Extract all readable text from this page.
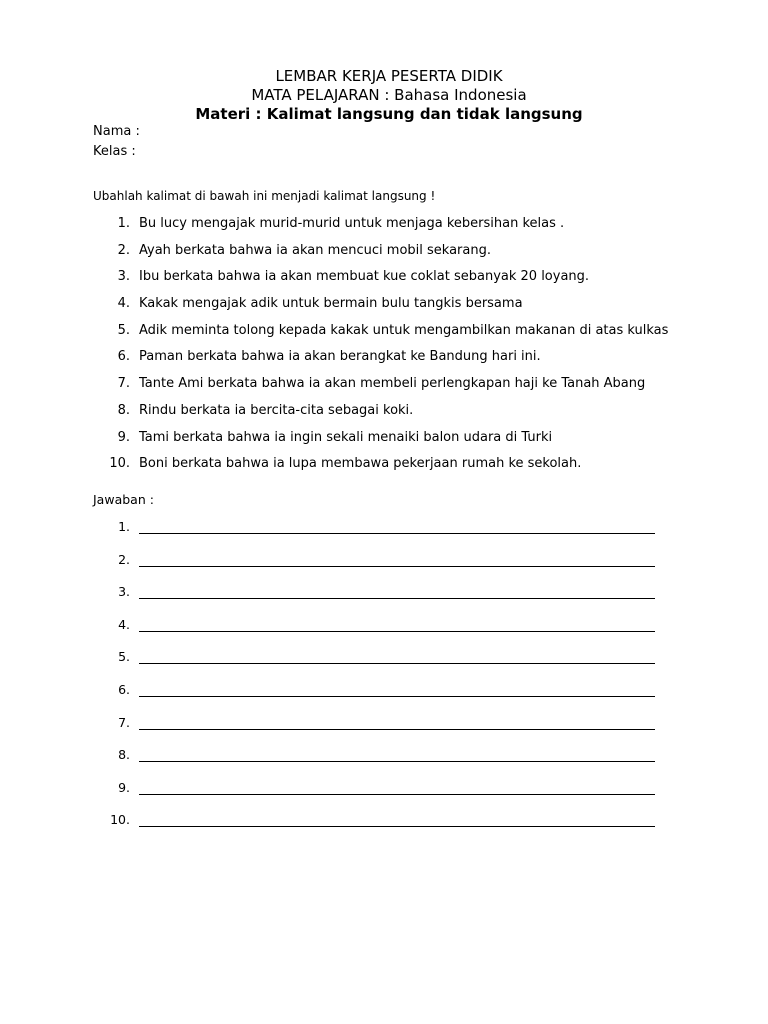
LEMBAR KERJA PESERTA DIDIK
MATA PELAJARAN : Bahasa Indonesia
Materi : Kalimat langsung dan tidak langsung
Nama :
Kelas :
Ubahlah kalimat di bawah ini menjadi kalimat langsung !
1. Bu lucy mengajak murid-murid untuk menjaga kebersihan kelas .
2. Ayah berkata bahwa ia akan mencuci mobil sekarang.
3. Ibu berkata bahwa ia akan membuat kue coklat sebanyak 20 loyang.
4. Kakak mengajak adik untuk bermain bulu tangkis bersama
5. Adik meminta tolong kepada kakak untuk mengambilkan makanan di atas kulkas
6. Paman berkata bahwa ia akan berangkat ke Bandung hari ini.
7. Tante Ami berkata bahwa ia akan membeli perlengkapan haji ke Tanah Abang
8. Rindu berkata ia bercita-cita sebagai koki.
9. Tami berkata bahwa ia ingin sekali menaiki balon udara di Turki
10. Boni berkata bahwa ia lupa membawa pekerjaan rumah ke sekolah.
Jawaban :
1.
2.
3.
4.
5.
6.
7.
8.
9.
10.
